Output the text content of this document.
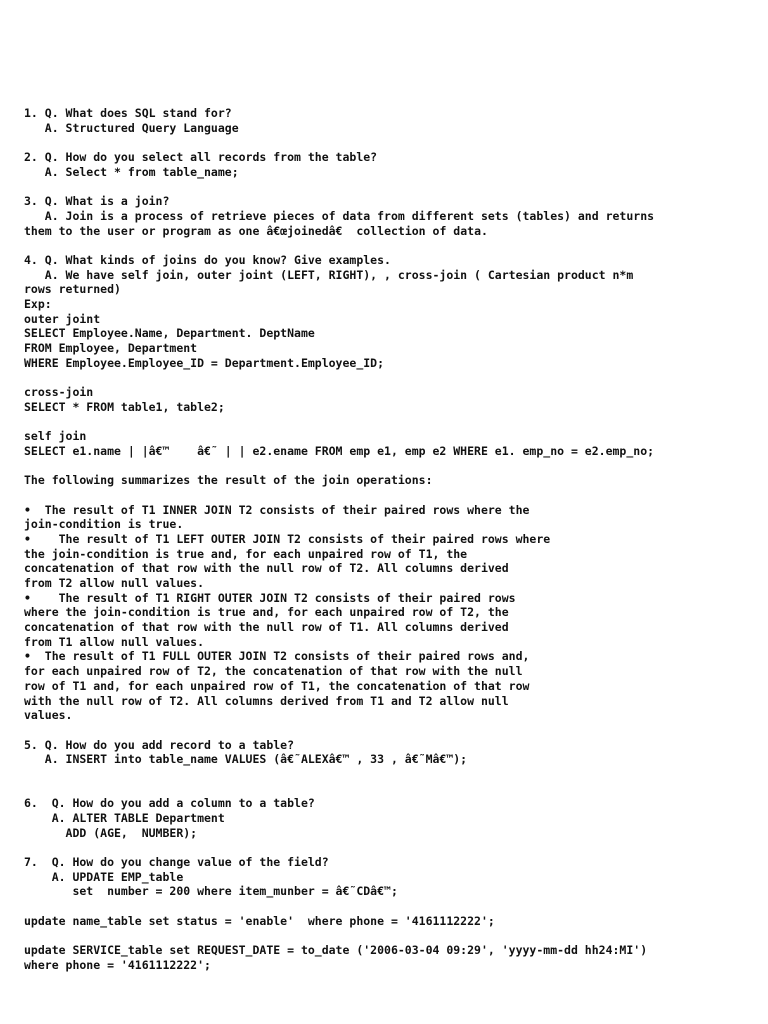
1. Q. What does SQL stand for?
A. Structured Query Language
2. Q. How do you select all records from the table?
A. Select * from table_name;
3. Q. What is a join?
A. Join is a process of retrieve pieces of data from different sets (tables) and returns
them to the user or program as one â€œjoinedâ€ collection of data.
4. Q. What kinds of joins do you know? Give examples.
A. We have self join, outer joint (LEFT, RIGHT), , cross-join ( Cartesian product n*m
rows returned)
Exp:
outer joint
SELECT Employee.Name, Department. DeptName
FROM Employee, Department
WHERE Employee.Employee_ID = Department.Employee_ID;
cross-join
SELECT * FROM table1, table2;
self join
SELECT e1.name | |â€™    â€˜ | | e2.ename FROM emp e1, emp e2 WHERE e1. emp_no = e2.emp_no;
The following summarizes the result of the join operations:
•  The result of T1 INNER JOIN T2 consists of their paired rows where the
join-condition is true.
•    The result of T1 LEFT OUTER JOIN T2 consists of their paired rows where
the join-condition is true and, for each unpaired row of T1, the
concatenation of that row with the null row of T2. All columns derived
from T2 allow null values.
•    The result of T1 RIGHT OUTER JOIN T2 consists of their paired rows
where the join-condition is true and, for each unpaired row of T2, the
concatenation of that row with the null row of T1. All columns derived
from T1 allow null values.
•  The result of T1 FULL OUTER JOIN T2 consists of their paired rows and,
for each unpaired row of T2, the concatenation of that row with the null
row of T1 and, for each unpaired row of T1, the concatenation of that row
with the null row of T2. All columns derived from T1 and T2 allow null
values.
5. Q. How do you add record to a table?
A. INSERT into table_name VALUES (â€˜ALEXâ€™ , 33 , â€˜Mâ€™);
6.  Q. How do you add a column to a table?
A. ALTER TABLE Department
ADD (AGE,  NUMBER);
7.  Q. How do you change value of the field?
A. UPDATE EMP_table
set  number = 200 where item_munber = â€˜CDâ€™;
update name_table set status = 'enable'  where phone = '4161112222';
update SERVICE_table set REQUEST_DATE = to_date ('2006-03-04 09:29', 'yyyy-mm-dd hh24:MI')
where phone = '4161112222';
